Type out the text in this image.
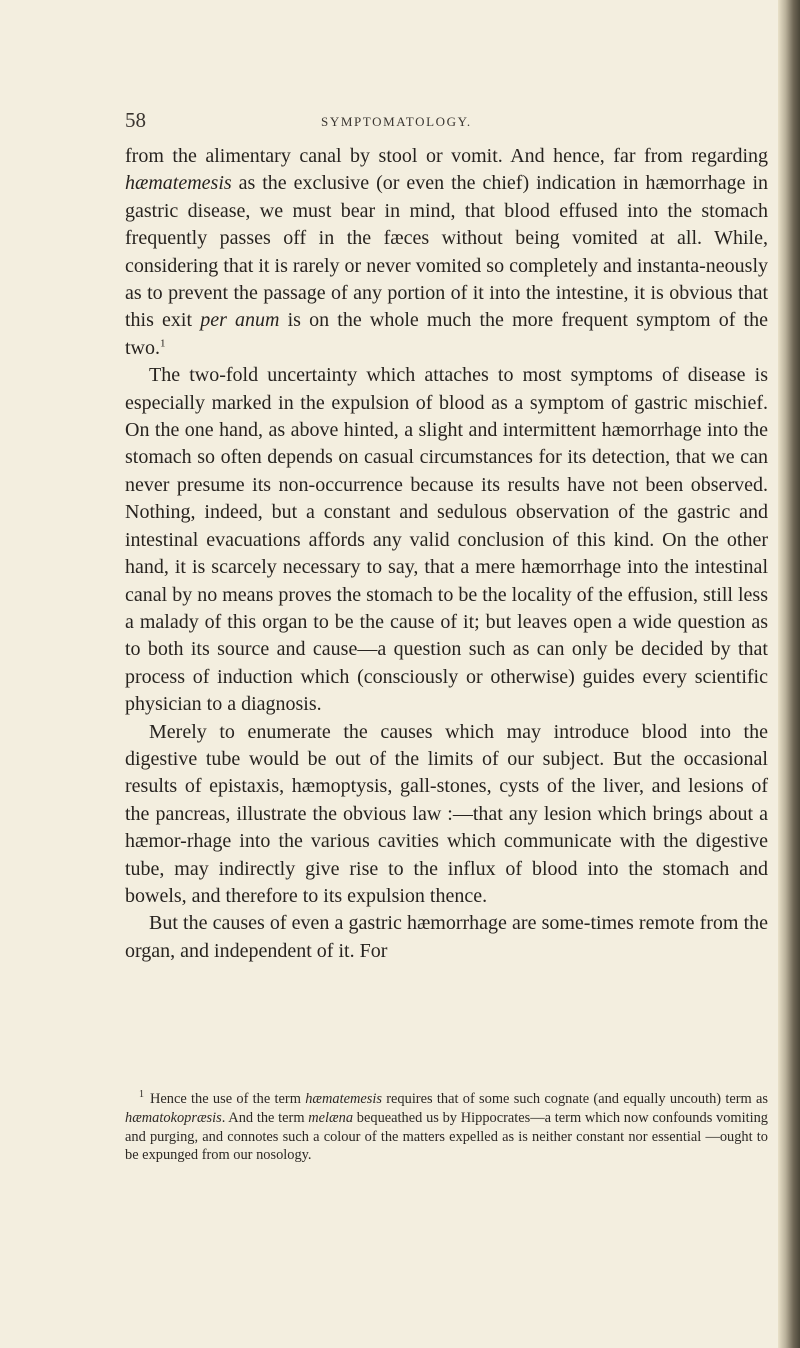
58	SYMPTOMATOLOGY.

from the alimentary canal by stool or vomit. And hence, far from regarding hæmatemesis as the exclusive (or even the chief) indication in hæmorrhage in gastric disease, we must bear in mind, that blood effused into the stomach frequently passes off in the fæces without being vomited at all. While, considering that it is rarely or never vomited so completely and instanta-neously as to prevent the passage of any portion of it into the intestine, it is obvious that this exit per anum is on the whole much the more frequent symptom of the two.$^1$

The two-fold uncertainty which attaches to most symptoms of disease is especially marked in the expulsion of blood as a symptom of gastric mischief. On the one hand, as above hinted, a slight and intermittent hæmorrhage into the stomach so often depends on casual circumstances for its detection, that we can never presume its non-occurrence because its results have not been observed. Nothing, indeed, but a constant and sedulous observation of the gastric and intestinal evacuations affords any valid conclusion of this kind. On the other hand, it is scarcely necessary to say, that a mere hæmorrhage into the intestinal canal by no means proves the stomach to be the locality of the effusion, still less a malady of this organ to be the cause of it; but leaves open a wide question as to both its source and cause—a question such as can only be decided by that process of induction which (consciously or otherwise) guides every scientific physician to a diagnosis.

Merely to enumerate the causes which may introduce blood into the digestive tube would be out of the limits of our subject. But the occasional results of epistaxis, hæmoptysis, gall-stones, cysts of the liver, and lesions of the pancreas, illustrate the obvious law :—that any lesion which brings about a hæmor-rhage into the various cavities which communicate with the digestive tube, may indirectly give rise to the influx of blood into the stomach and bowels, and therefore to its expulsion thence.

But the causes of even a gastric hæmorrhage are some-times remote from the organ, and independent of it. For

$^1$ Hence the use of the term hæmatemesis requires that of some such cognate (and equally uncouth) term as hæmatokopræsis. And the term melæna bequeathed us by Hippocrates—a term which now confounds vomiting and purging, and connotes such a colour of the matters expelled as is neither constant nor essential —ought to be expunged from our nosology.
